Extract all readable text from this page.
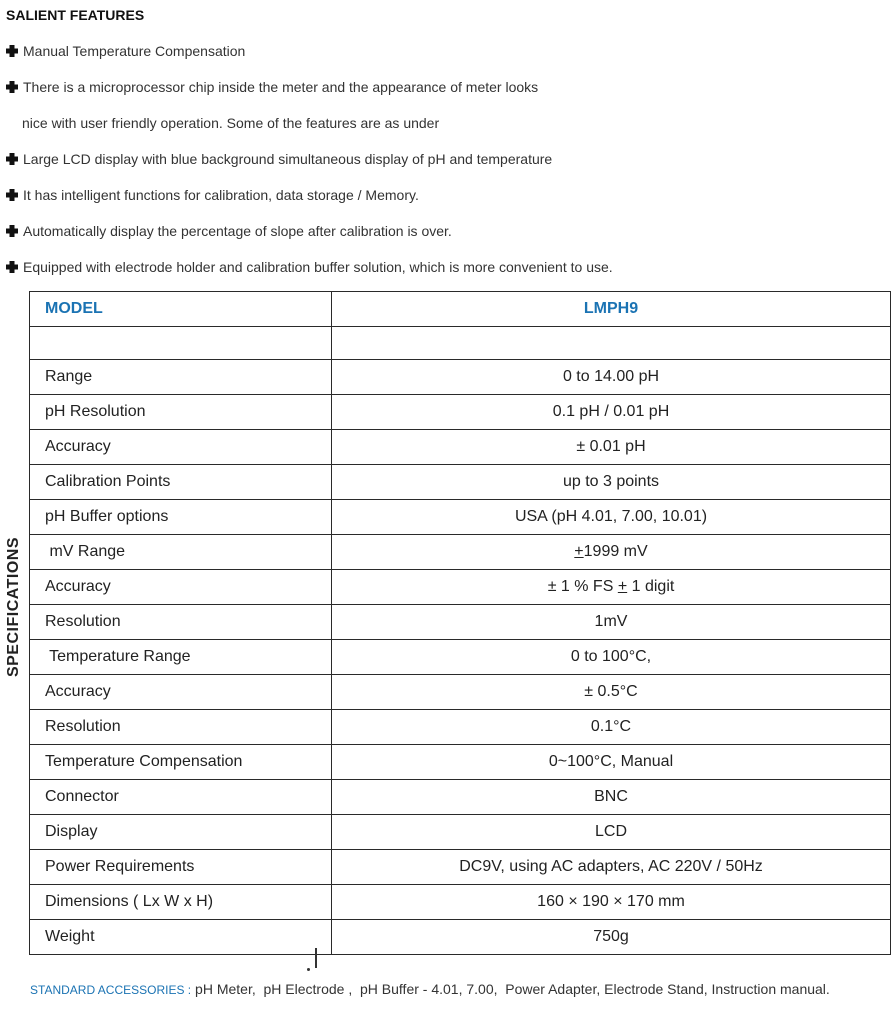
SALIENT FEATURES
Manual Temperature Compensation
There is a microprocessor chip inside the meter and the appearance of meter looks
nice with user friendly operation. Some of the features are as under
Large LCD display with blue background simultaneous display of pH and temperature
It has intelligent functions for calibration, data storage / Memory.
Automatically display the percentage of slope after calibration is over.
Equipped with electrode holder and calibration buffer solution, which is more convenient to use.
SPECIFICATIONS
MODEL	LMPH9

Range	0 to 14.00 pH
pH Resolution	0.1 pH / 0.01 pH
Accuracy	± 0.01 pH
Calibration Points	up to 3 points
pH Buffer options	USA (pH 4.01, 7.00, 10.01)
mV Range	+1999 mV
Accuracy	± 1 % FS + 1 digit
Resolution	1mV
Temperature Range	0 to 100°C,
Accuracy	± 0.5°C
Resolution	0.1°C
Temperature Compensation	0~100°C, Manual
Connector	BNC
Display	LCD
Power Requirements	DC9V, using AC adapters, AC 220V / 50Hz
Dimensions ( Lx W x H)	160 × 190 × 170 mm
Weight	750g
STANDARD ACCESSORIES : pH Meter,  pH Electrode ,  pH Buffer - 4.01, 7.00,  Power Adapter, Electrode Stand, Instruction manual.
